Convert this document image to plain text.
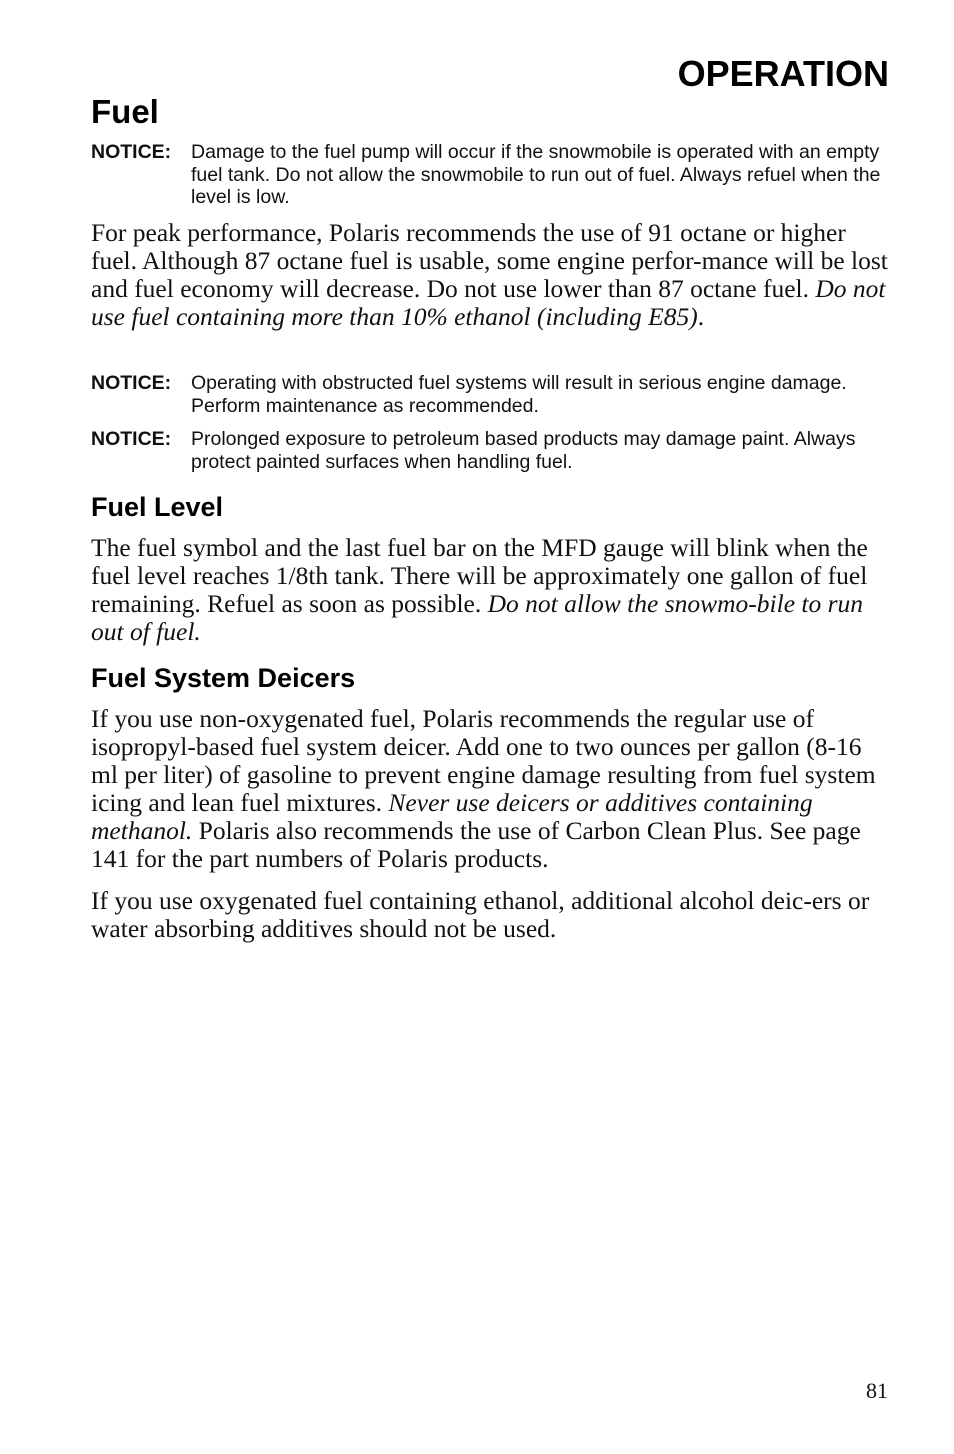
OPERATION
Fuel
NOTICE:	Damage to the fuel pump will occur if the snowmobile is operated with an empty fuel tank. Do not allow the snowmobile to run out of fuel. Always refuel when the level is low.

For peak performance, Polaris recommends the use of 91 octane or higher fuel. Although 87 octane fuel is usable, some engine perfor-mance will be lost and fuel economy will decrease. Do not use lower than 87 octane fuel. Do not use fuel containing more than 10% ethanol (including E85).

NOTICE:	Operating with obstructed fuel systems will result in serious engine damage. Perform maintenance as recommended.
NOTICE:	Prolonged exposure to petroleum based products may damage paint. Always protect painted surfaces when handling fuel.
Fuel Level

The fuel symbol and the last fuel bar on the MFD gauge will blink when the fuel level reaches 1/8th tank. There will be approximately one gallon of fuel remaining. Refuel as soon as possible. Do not allow the snowmo-bile to run out of fuel.

Fuel System Deicers

If you use non-oxygenated fuel, Polaris recommends the regular use of isopropyl-based fuel system deicer. Add one to two ounces per gallon (8-16 ml per liter) of gasoline to prevent engine damage resulting from fuel system icing and lean fuel mixtures. Never use deicers or additives containing methanol. Polaris also recommends the use of Carbon Clean Plus. See page 141 for the part numbers of Polaris products.

If you use oxygenated fuel containing ethanol, additional alcohol deic-ers or water absorbing additives should not be used.

81
